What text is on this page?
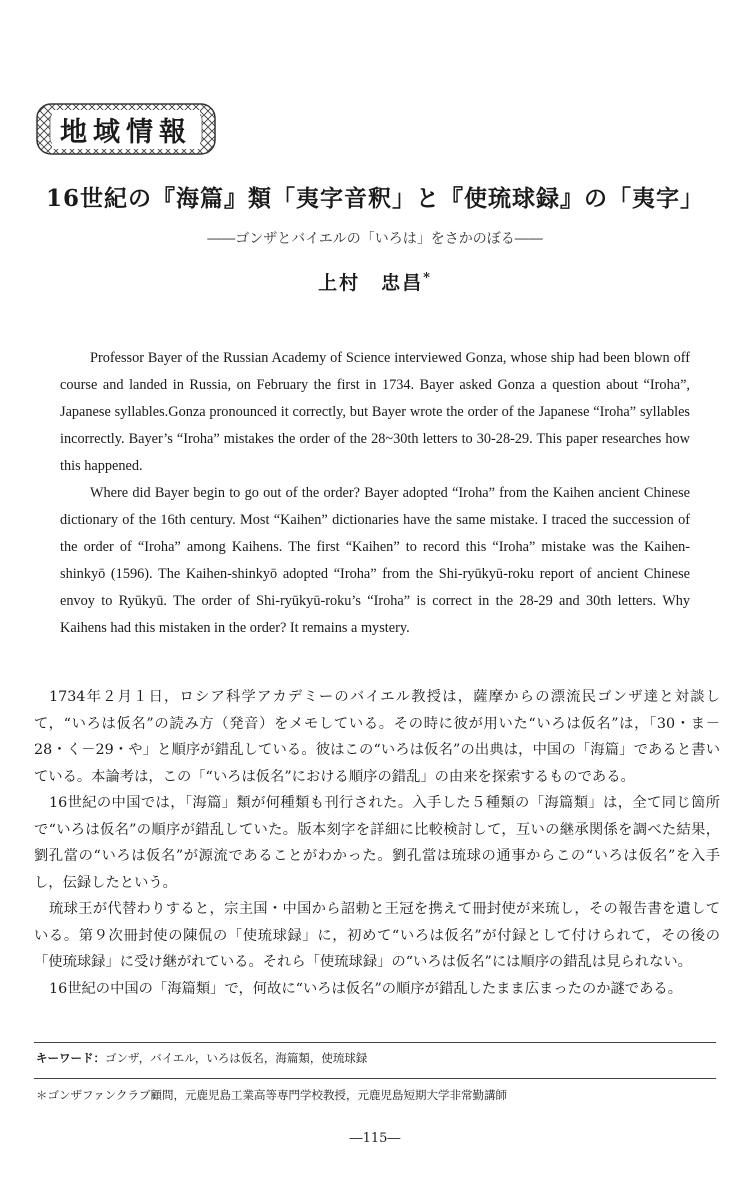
地域情報
16世紀の『海篇』類「夷字音釈」と『使琉球録』の「夷字」
――ゴンザとバイエルの「いろは」をさかのぼる――
上村　忠昌*

Professor Bayer of the Russian Academy of Science interviewed Gonza, whose ship had been blown off course and landed in Russia, on February the first in 1734. Bayer asked Gonza a question about “Iroha”, Japanese syllables.Gonza pronounced it correctly, but Bayer wrote the order of the Japanese “Iroha” syllables incorrectly. Bayer’s “Iroha” mistakes the order of the 28~30th letters to 30-28-29. This paper researches how this happened.

Where did Bayer begin to go out of the order? Bayer adopted “Iroha” from the Kaihen ancient Chinese dictionary of the 16th century. Most “Kaihen” dictionaries have the same mistake. I traced the succession of the order of “Iroha” among Kaihens. The first “Kaihen” to record this “Iroha” mistake was the Kaihen-shinkyō (1596). The Kaihen-shinkyō adopted “Iroha” from the Shi-ryūkyū-roku report of ancient Chinese envoy to Ryūkyū. The order of Shi-ryūkyū-roku’s “Iroha” is correct in the 28-29 and 30th letters. Why Kaihens had this mistaken in the order? It remains a mystery.

1734年２月１日，ロシア科学アカデミーのバイエル教授は，薩摩からの漂流民ゴンザ達と対談して，“いろは仮名”の読み方（発音）をメモしている。その時に彼が用いた“いろは仮名”は，「30・ま－28・く－29・や」と順序が錯乱している。彼はこの“いろは仮名”の出典は，中国の「海篇」であると書いている。本論考は，この「“いろは仮名”における順序の錯乱」の由来を探索するものである。

16世紀の中国では，「海篇」類が何種類も刊行された。入手した５種類の「海篇類」は，全て同じ箇所で“いろは仮名”の順序が錯乱していた。版本刻字を詳細に比較検討して，互いの継承関係を調べた結果，劉孔當の“いろは仮名”が源流であることがわかった。劉孔當は琉球の通事からこの“いろは仮名”を入手し，伝録したという。

琉球王が代替わりすると，宗主国・中国から詔勅と王冠を携えて冊封使が来琉し，その報告書を遺している。第９次冊封使の陳侃の「使琉球録」に，初めて“いろは仮名”が付録として付けられて，その後の「使琉球録」に受け継がれている。それら「使琉球録」の“いろは仮名”には順序の錯乱は見られない。

16世紀の中国の「海篇類」で，何故に“いろは仮名”の順序が錯乱したまま広まったのか謎である。

キーワード：ゴンザ，バイエル，いろは仮名，海篇類，使琉球録
＊ゴンザファンクラブ顧問，元鹿児島工業高等専門学校教授，元鹿児島短期大学非常勤講師
―115―
